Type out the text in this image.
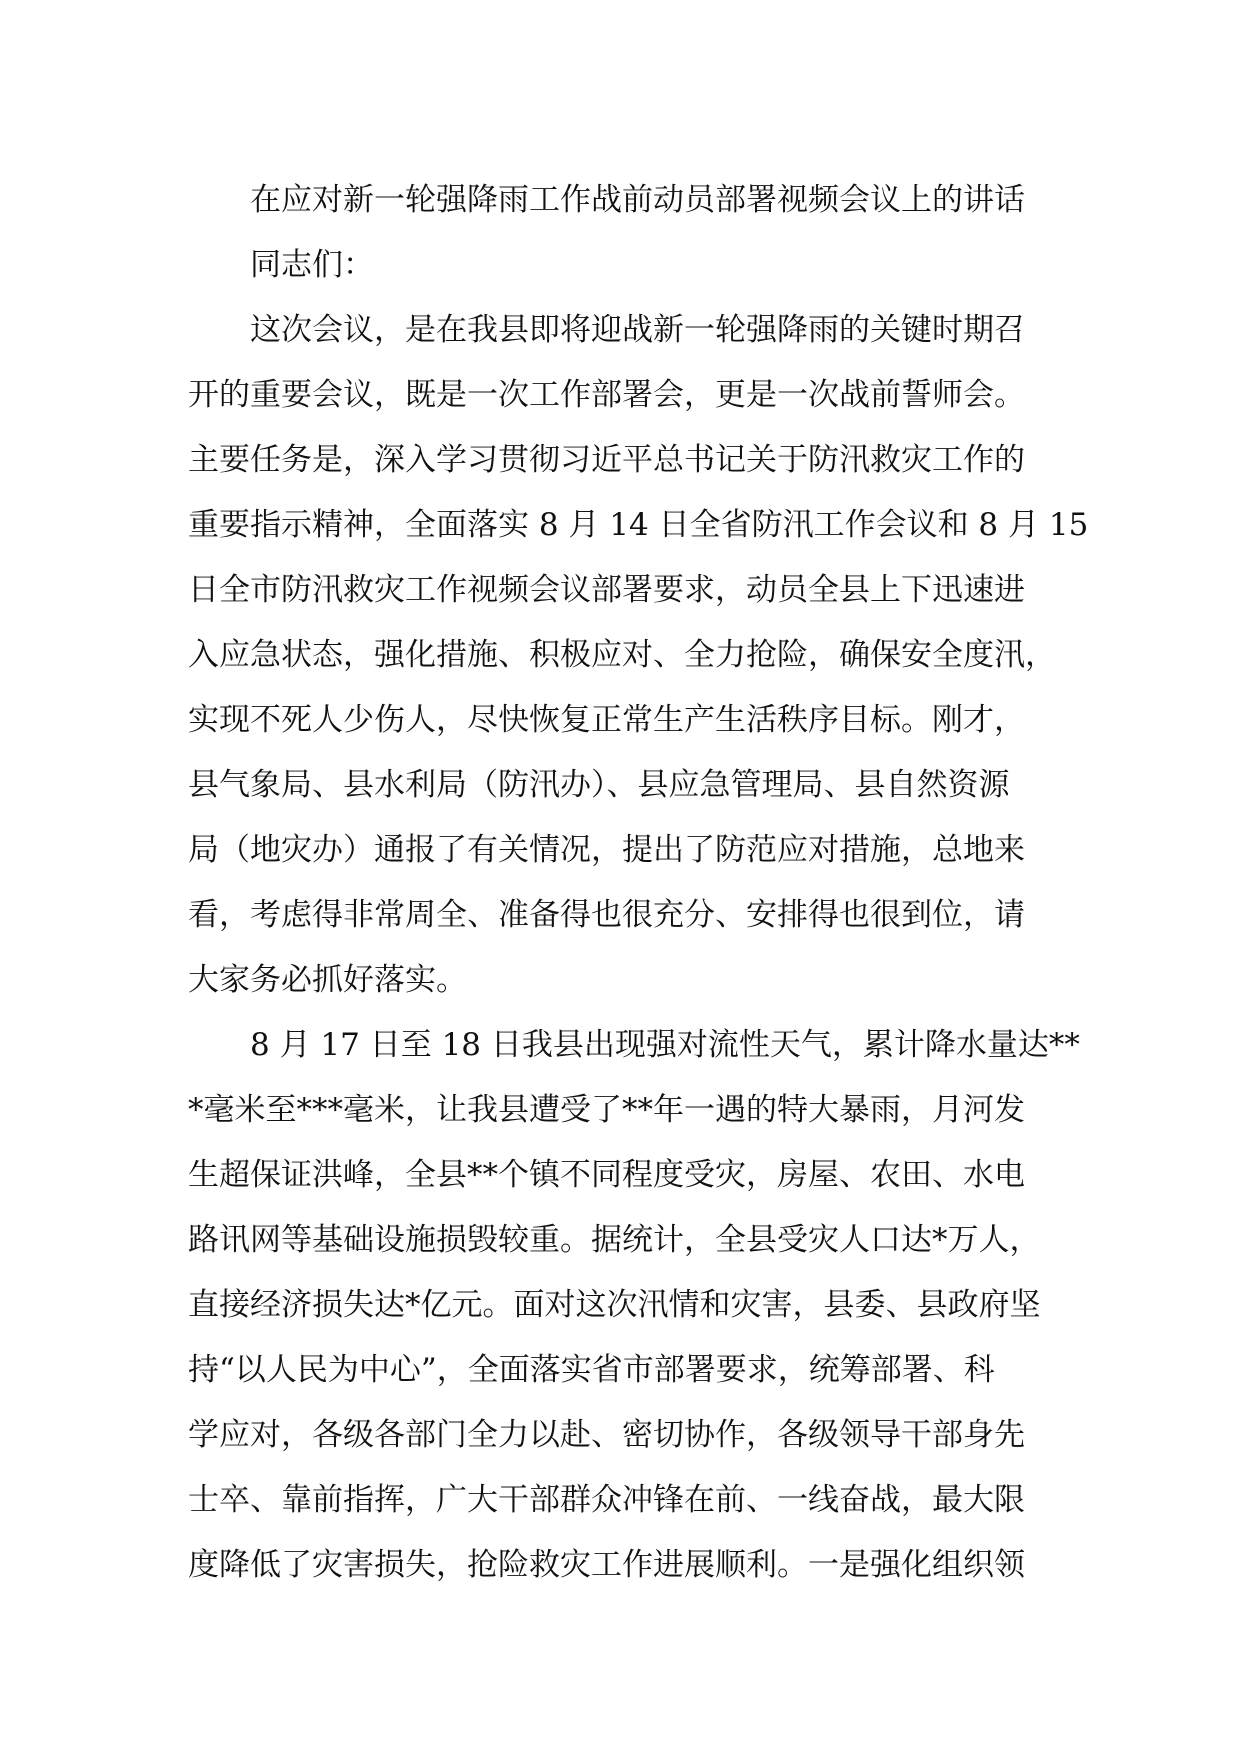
在应对新一轮强降雨工作战前动员部署视频会议上的讲话
同志们：
这次会议，是在我县即将迎战新一轮强降雨的关键时期召
开的重要会议，既是一次工作部署会，更是一次战前誓师会。
主要任务是，深入学习贯彻习近平总书记关于防汛救灾工作的
重要指示精神，全面落实 8 月 14 日全省防汛工作会议和 8 月 15
日全市防汛救灾工作视频会议部署要求，动员全县上下迅速进
入应急状态，强化措施、积极应对、全力抢险，确保安全度汛，
实现不死人少伤人，尽快恢复正常生产生活秩序目标。刚才，
县气象局、县水利局（防汛办）、县应急管理局、县自然资源
局（地灾办）通报了有关情况，提出了防范应对措施，总地来
看，考虑得非常周全、准备得也很充分、安排得也很到位，请
大家务必抓好落实。
8 月 17 日至 18 日我县出现强对流性天气，累计降水量达**
*毫米至***毫米，让我县遭受了**年一遇的特大暴雨，月河发
生超保证洪峰，全县**个镇不同程度受灾，房屋、农田、水电
路讯网等基础设施损毁较重。据统计，全县受灾人口达*万人，
直接经济损失达*亿元。面对这次汛情和灾害，县委、县政府坚
持“以人民为中心”，全面落实省市部署要求，统筹部署、科
学应对，各级各部门全力以赴、密切协作，各级领导干部身先
士卒、靠前指挥，广大干部群众冲锋在前、一线奋战，最大限
度降低了灾害损失，抢险救灾工作进展顺利。一是强化组织领
